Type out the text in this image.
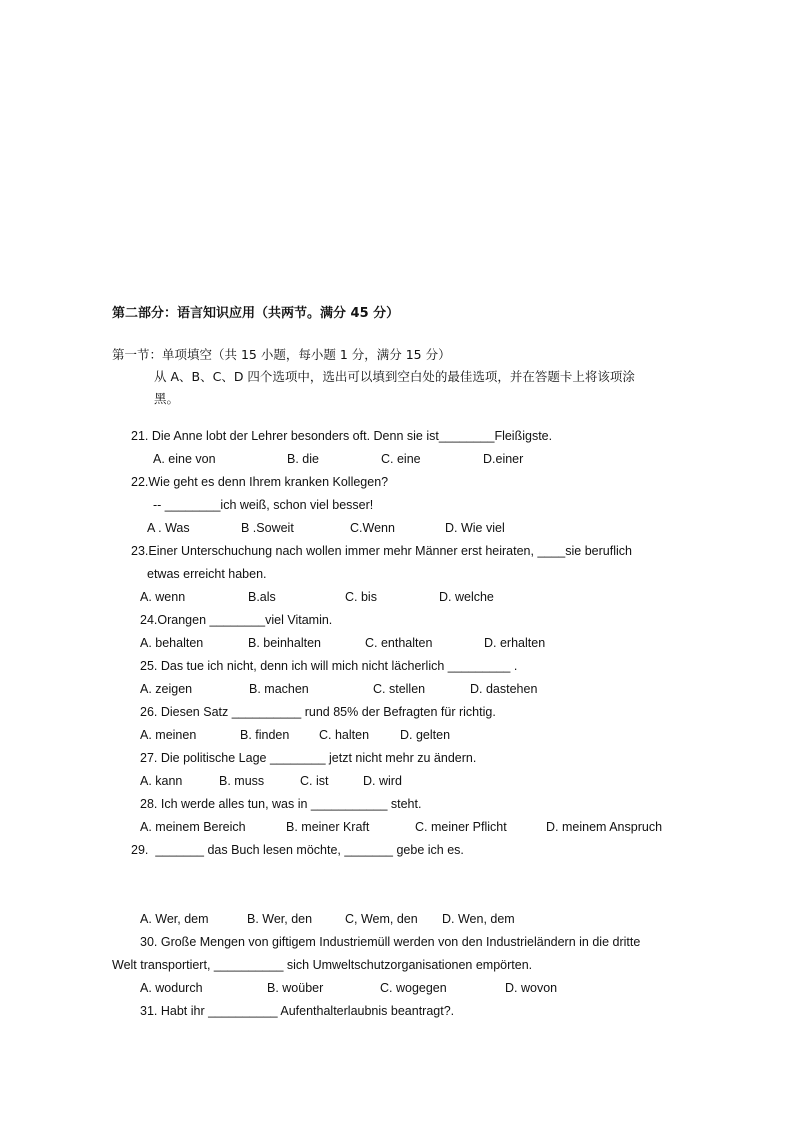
第二部分：语言知识应用（共两节。满分 45 分）
第一节：单项填空（共 15 小题，每小题 1 分，满分 15 分）
从 A、B、C、D 四个选项中，选出可以填到空白处的最佳选项，并在答题卡上将该项涂
黑。
21. Die Anne lobt der Lehrer besonders oft. Denn sie ist________Fleißigste.
A. eine von	B. die	C. eine	D.einer
22.Wie geht es denn Ihrem kranken Kollegen?
-- ________ich weiß, schon viel besser!
A . Was	B .Soweit	C.Wenn	D. Wie viel
23.Einer Unterschuchung nach wollen immer mehr Männer erst heiraten, ____sie beruflich
etwas erreicht haben.
A. wenn	B.als	C. bis	D. welche
24.Orangen ________viel Vitamin.
A. behalten	B. beinhalten	C. enthalten	D. erhalten
25. Das tue ich nicht, denn ich will mich nicht lächerlich _________ .
A. zeigen	B. machen	C. stellen	D. dastehen
26. Diesen Satz __________ rund 85% der Befragten für richtig.
A. meinen	B. finden C. halten D. gelten
27. Die politische Lage ________ jetzt nicht mehr zu ändern.
A. kann	B. muss	C. ist	D. wird
28. Ich werde alles tun, was in ___________ steht.
A. meinem Bereich	B. meiner Kraft	C. meiner Pflicht	D. meinem Anspruch
29.  _______ das Buch lesen möchte, _______ gebe ich es.
A. Wer, dem	B. Wer, den	C, Wem, den D. Wen, dem
30. Große Mengen von giftigem Industriemüll werden von den Industrieländern in die dritte
Welt transportiert, __________ sich Umweltschutzorganisationen empörten.
A. wodurch	B. woüber	C. wogegen	D. wovon
31. Habt ihr __________ Aufenthalterlaubnis beantragt?.
